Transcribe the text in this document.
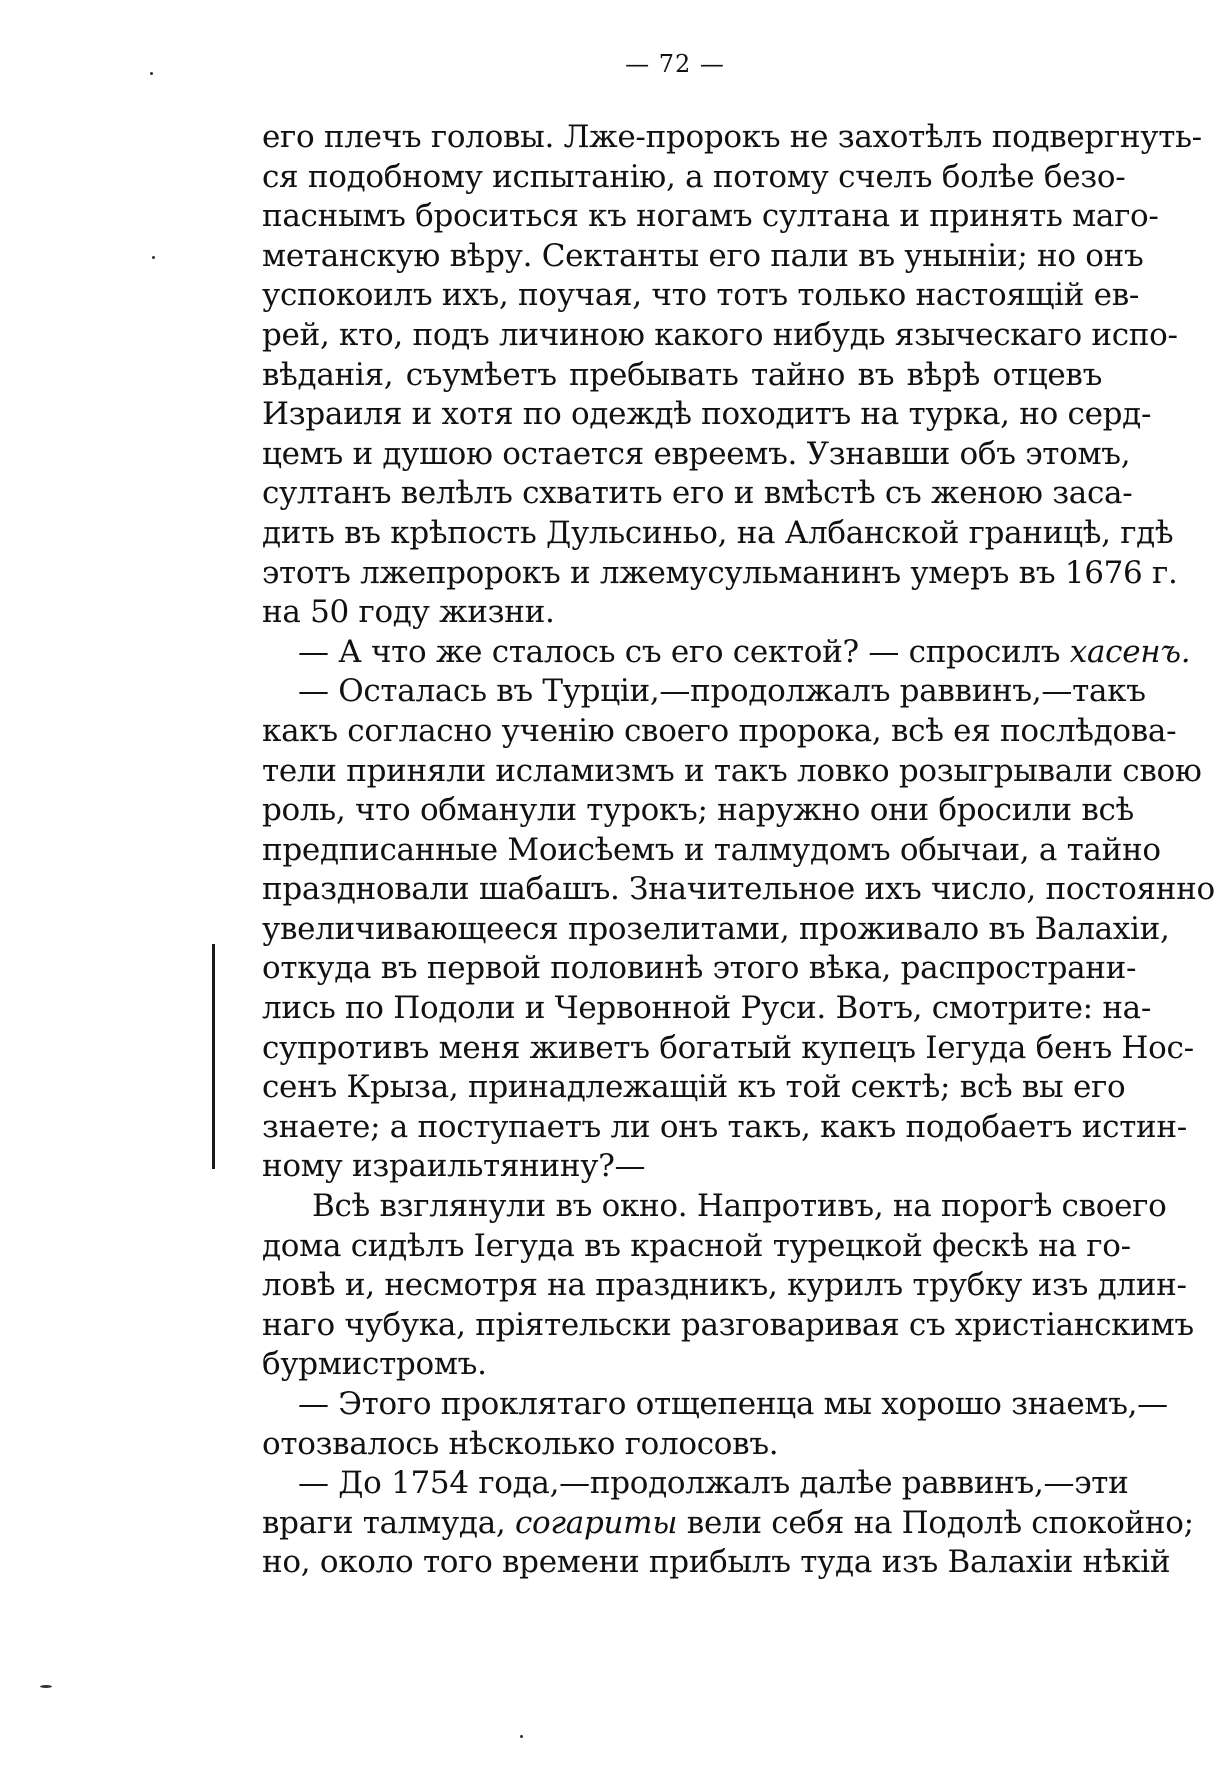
— 72 —
его плечъ головы. Лже-пророкъ не захотѣлъ подвергнуть-
ся подобному испытанію, а потому счелъ болѣе безо-
паснымъ броситься къ ногамъ султана и принять маго-
метанскую вѣру. Сектанты его пали въ уныніи; но онъ
успокоилъ ихъ, поучая, что тотъ только настоящій ев-
рей, кто, подъ личиною какого нибудь языческаго испо-
вѣданія, съумѣетъ пребывать тайно въ вѣрѣ отцевъ
Израиля и хотя по одеждѣ походитъ на турка, но серд-
цемъ и душою остается евреемъ. Узнавши объ этомъ,
султанъ велѣлъ схватить его и вмѣстѣ съ женою заса-
дить въ крѣпость Дульсиньо, на Албанской границѣ, гдѣ
этотъ лжепророкъ и лжемусульманинъ умеръ въ 1676 г.
на 50 году жизни.
— А что же сталось съ его сектой? — спросилъ хасенъ.
— Осталась въ Турціи,—продолжалъ раввинъ,—такъ
какъ согласно ученію своего пророка, всѣ ея послѣдова-
тели приняли исламизмъ и такъ ловко розыгрывали свою
роль, что обманули турокъ; наружно они бросили всѣ
предписанные Моисѣемъ и талмудомъ обычаи, а тайно
праздновали шабашъ. Значительное ихъ число, постоянно
увеличивающееся прозелитами, проживало въ Валахіи,
откуда въ первой половинѣ этого вѣка, распространи-
лись по Подоли и Червонной Руси. Вотъ, смотрите: на-
супротивъ меня живетъ богатый купецъ Іегуда бенъ Нос-
сенъ Крыза, принадлежащій къ той сектѣ; всѣ вы его
знаете; а поступаетъ ли онъ такъ, какъ подобаетъ истин-
ному израильтянину?—
Всѣ взглянули въ окно. Напротивъ, на порогѣ своего
дома сидѣлъ Іегуда въ красной турецкой фескѣ на го-
ловѣ и, несмотря на праздникъ, курилъ трубку изъ длин-
наго чубука, пріятельски разговаривая съ христіанскимъ
бурмистромъ.
— Этого проклятаго отщепенца мы хорошо знаемъ,—
отозвалось нѣсколько голосовъ.
— До 1754 года,—продолжалъ далѣе раввинъ,—эти
враги талмуда, согариты вели себя на Подолѣ спокойно;
но, около того времени прибылъ туда изъ Валахіи нѣкій
